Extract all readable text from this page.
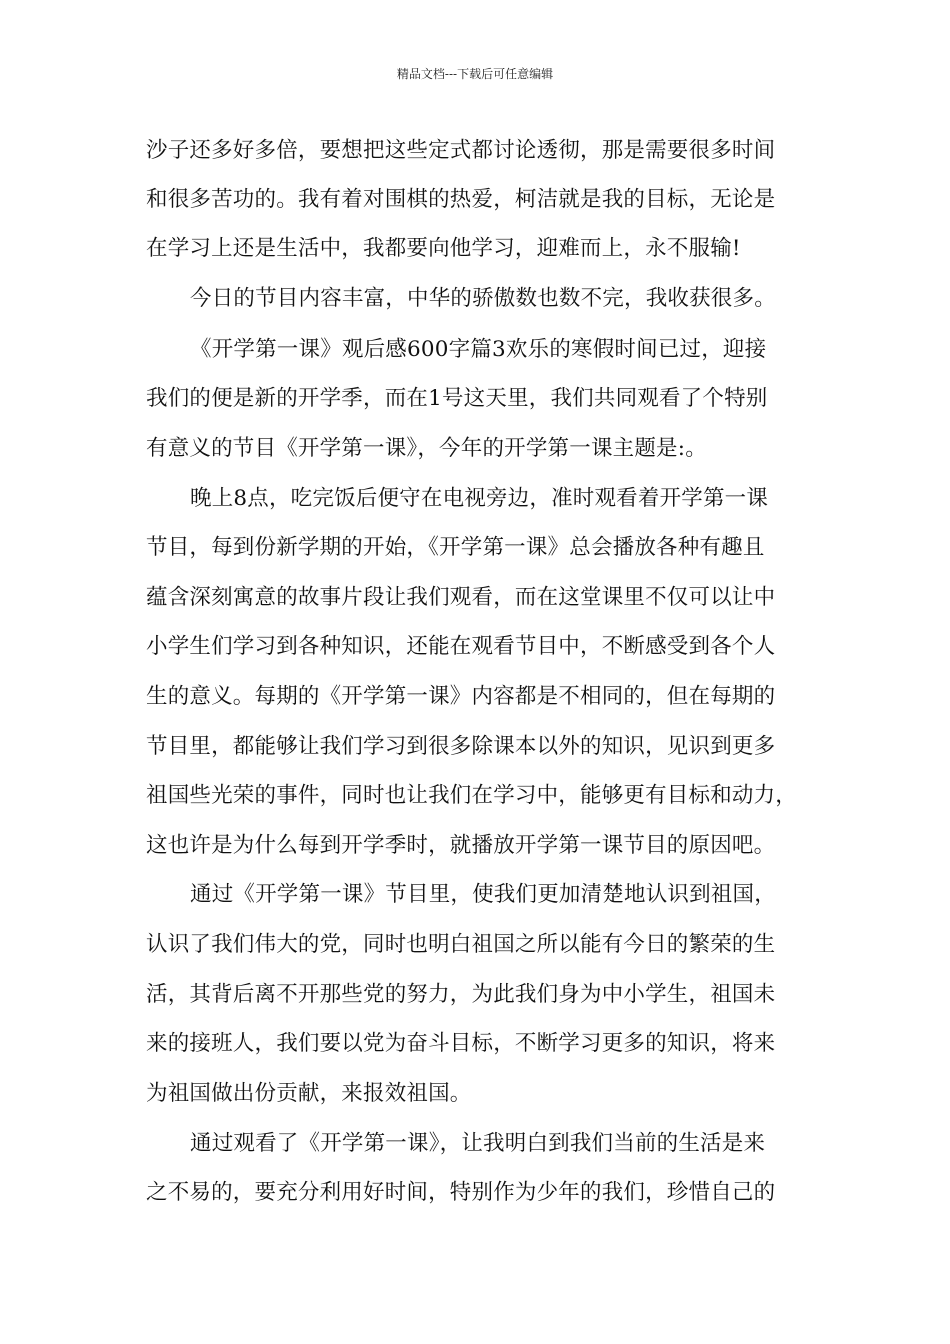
精品文档---下载后可任意编辑
沙子还多好多倍，要想把这些定式都讨论透彻，那是需要很多时间
和很多苦功的。我有着对围棋的热爱，柯洁就是我的目标，无论是
在学习上还是生活中，我都要向他学习，迎难而上，永不服输!
今日的节目内容丰富，中华的骄傲数也数不完，我收获很多。
《开学第一课》观后感600字篇3欢乐的寒假时间已过，迎接
我们的便是新的开学季，而在1号这天里，我们共同观看了个特别
有意义的节目《开学第一课》，今年的开学第一课主题是:。
晚上8点，吃完饭后便守在电视旁边，准时观看着开学第一课
节目，每到份新学期的开始，《开学第一课》总会播放各种有趣且
蕴含深刻寓意的故事片段让我们观看，而在这堂课里不仅可以让中
小学生们学习到各种知识，还能在观看节目中，不断感受到各个人
生的意义。每期的《开学第一课》内容都是不相同的，但在每期的
节目里，都能够让我们学习到很多除课本以外的知识，见识到更多
祖国些光荣的事件，同时也让我们在学习中，能够更有目标和动力，
这也许是为什么每到开学季时，就播放开学第一课节目的原因吧。
通过《开学第一课》节目里，使我们更加清楚地认识到祖国，
认识了我们伟大的党，同时也明白祖国之所以能有今日的繁荣的生
活，其背后离不开那些党的努力，为此我们身为中小学生，祖国未
来的接班人，我们要以党为奋斗目标，不断学习更多的知识，将来
为祖国做出份贡献，来报效祖国。
通过观看了《开学第一课》，让我明白到我们当前的生活是来
之不易的，要充分利用好时间，特别作为少年的我们，珍惜自己的
